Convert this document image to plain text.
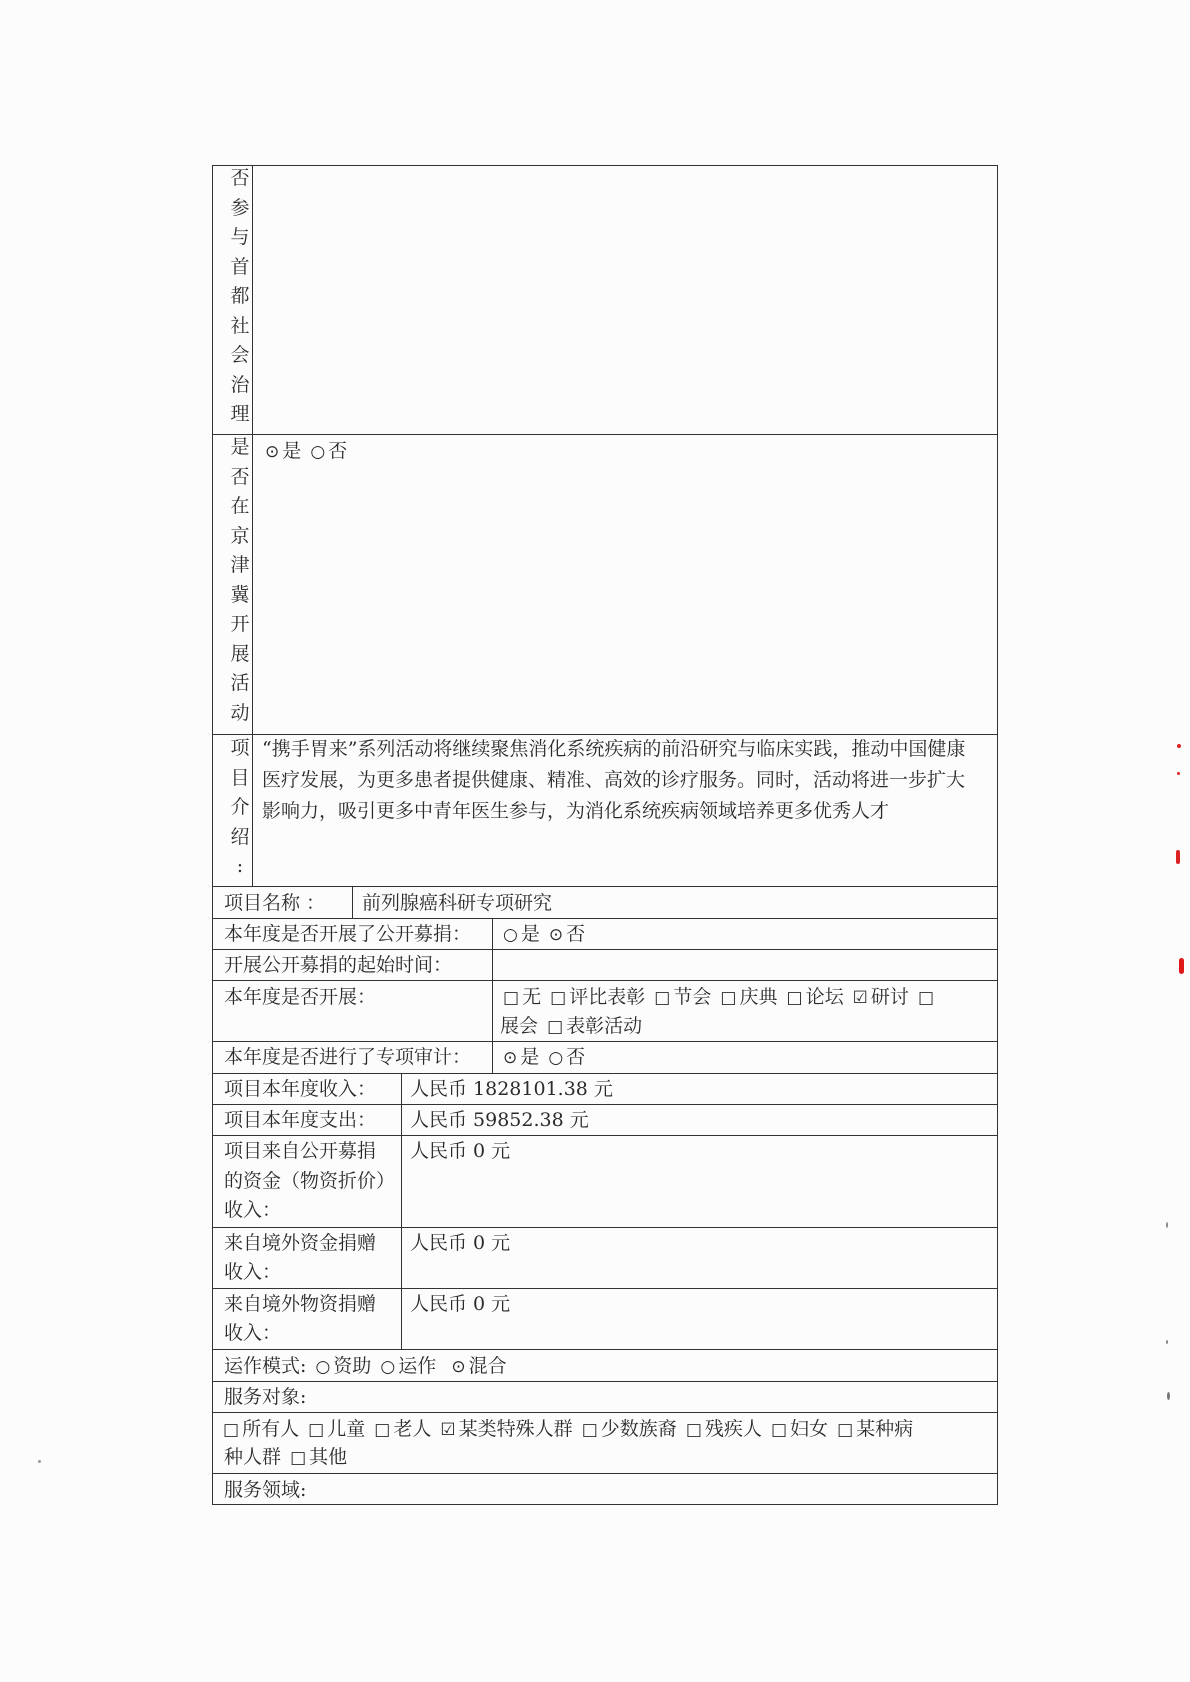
否
参
与
首
都
社
会
治
理
是
否
在
京
津
冀
开
展
活
动
项
目
介
绍
:
⊙ 是 ○ 否
“携手胃来”系列活动将继续聚焦消化系统疾病的前沿研究与临床实践，推动中国健康
医疗发展，为更多患者提供健康、精准、高效的诊疗服务。同时，活动将进一步扩大
影响力，吸引更多中青年医生参与，为消化系统疾病领域培养更多优秀人才
项目名称 ： 前列腺癌科研专项研究
本年度是否开展了公开募捐： ○ 是 ⊙ 否
开展公开募捐的起始时间：
本年度是否开展：	□ 无 □ 评比表彰 □ 节会 □ 庆典 □ 论坛 ☑ 研讨 □
展会 □ 表彰活动
本年度是否进行了专项审计： ⊙ 是 ○ 否
项目本年度收入： 人民币 1828101.38 元
项目本年度支出： 人民币 59852.38 元
项目来自公开募捐
的资金（物资折价）
收入：
人民币 0 元
来自境外资金捐赠
收入：
人民币 0 元
来自境外物资捐赠
收入：
人民币 0 元
运作模式: ○ 资助 ○ 运作 ⊙ 混合
服务对象:
□ 所有人 □ 儿童 □ 老人 ☑ 某类特殊人群 □ 少数族裔 □ 残疾人 □ 妇女 □ 某种病
种人群 □ 其他
服务领域:
